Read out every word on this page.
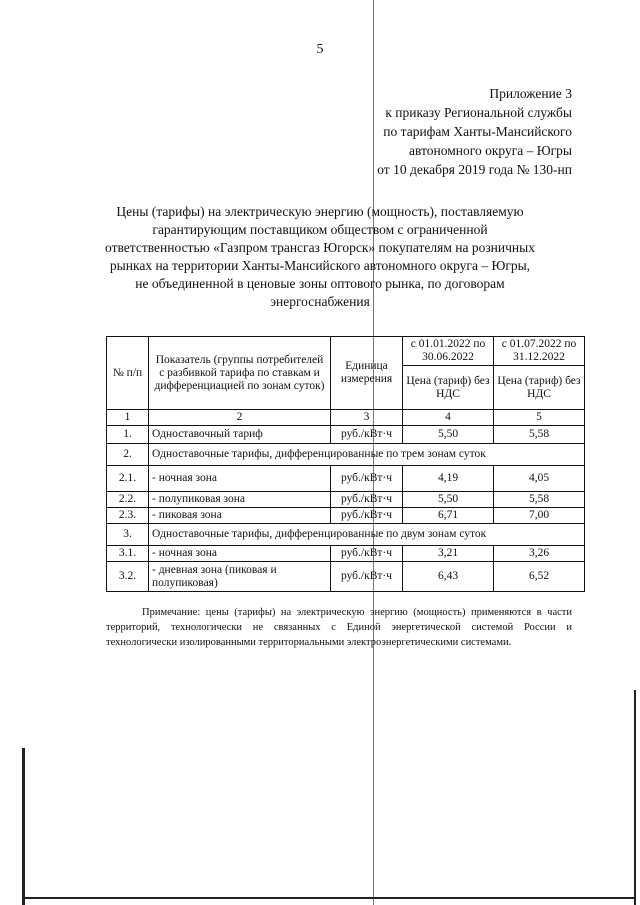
5
Приложение 3
к приказу Региональной службы
по тарифам Ханты-Мансийского
автономного округа – Югры
от 10 декабря 2019 года № 130-нп
Цены (тарифы) на электрическую энергию (мощность), поставляемую
гарантирующим поставщиком обществом с ограниченной
ответственностью «Газпром трансгаз Югорск» покупателям на розничных
рынках на территории Ханты-Мансийского автономного округа – Югры,
не объединенной в ценовые зоны оптового рынка, по договорам
энергоснабжения
№ п/п	Показатель (группы потребителей с разбивкой тарифа по ставкам и дифференциацией по зонам суток)	Единица измерения	с 01.01.2022 по 30.06.2022	с 01.07.2022 по 31.12.2022
			Цена (тариф) без НДС	Цена (тариф) без НДС
1	2	3	4	5
1.	Одноставочный тариф	руб./кВт·ч	5,50	5,58
2.	Одноставочные тарифы, дифференцированные по трем зонам суток			
2.1.	- ночная зона	руб./кВт·ч	4,19	4,05
2.2.	- полупиковая зона	руб./кВт·ч	5,50	5,58
2.3.	- пиковая зона	руб./кВт·ч	6,71	7,00
3.	Одноставочные тарифы, дифференцированные по двум зонам суток			
3.1.	- ночная зона	руб./кВт·ч	3,21	3,26
3.2.	- дневная зона (пиковая и полупиковая)	руб./кВт·ч	6,43	6,52
Примечание: цены (тарифы) на электрическую энергию (мощность) применяются в части территорий, технологически не связанных с Единой энергетической системой России и технологически изолированными территориальными электроэнергетическими системами.
